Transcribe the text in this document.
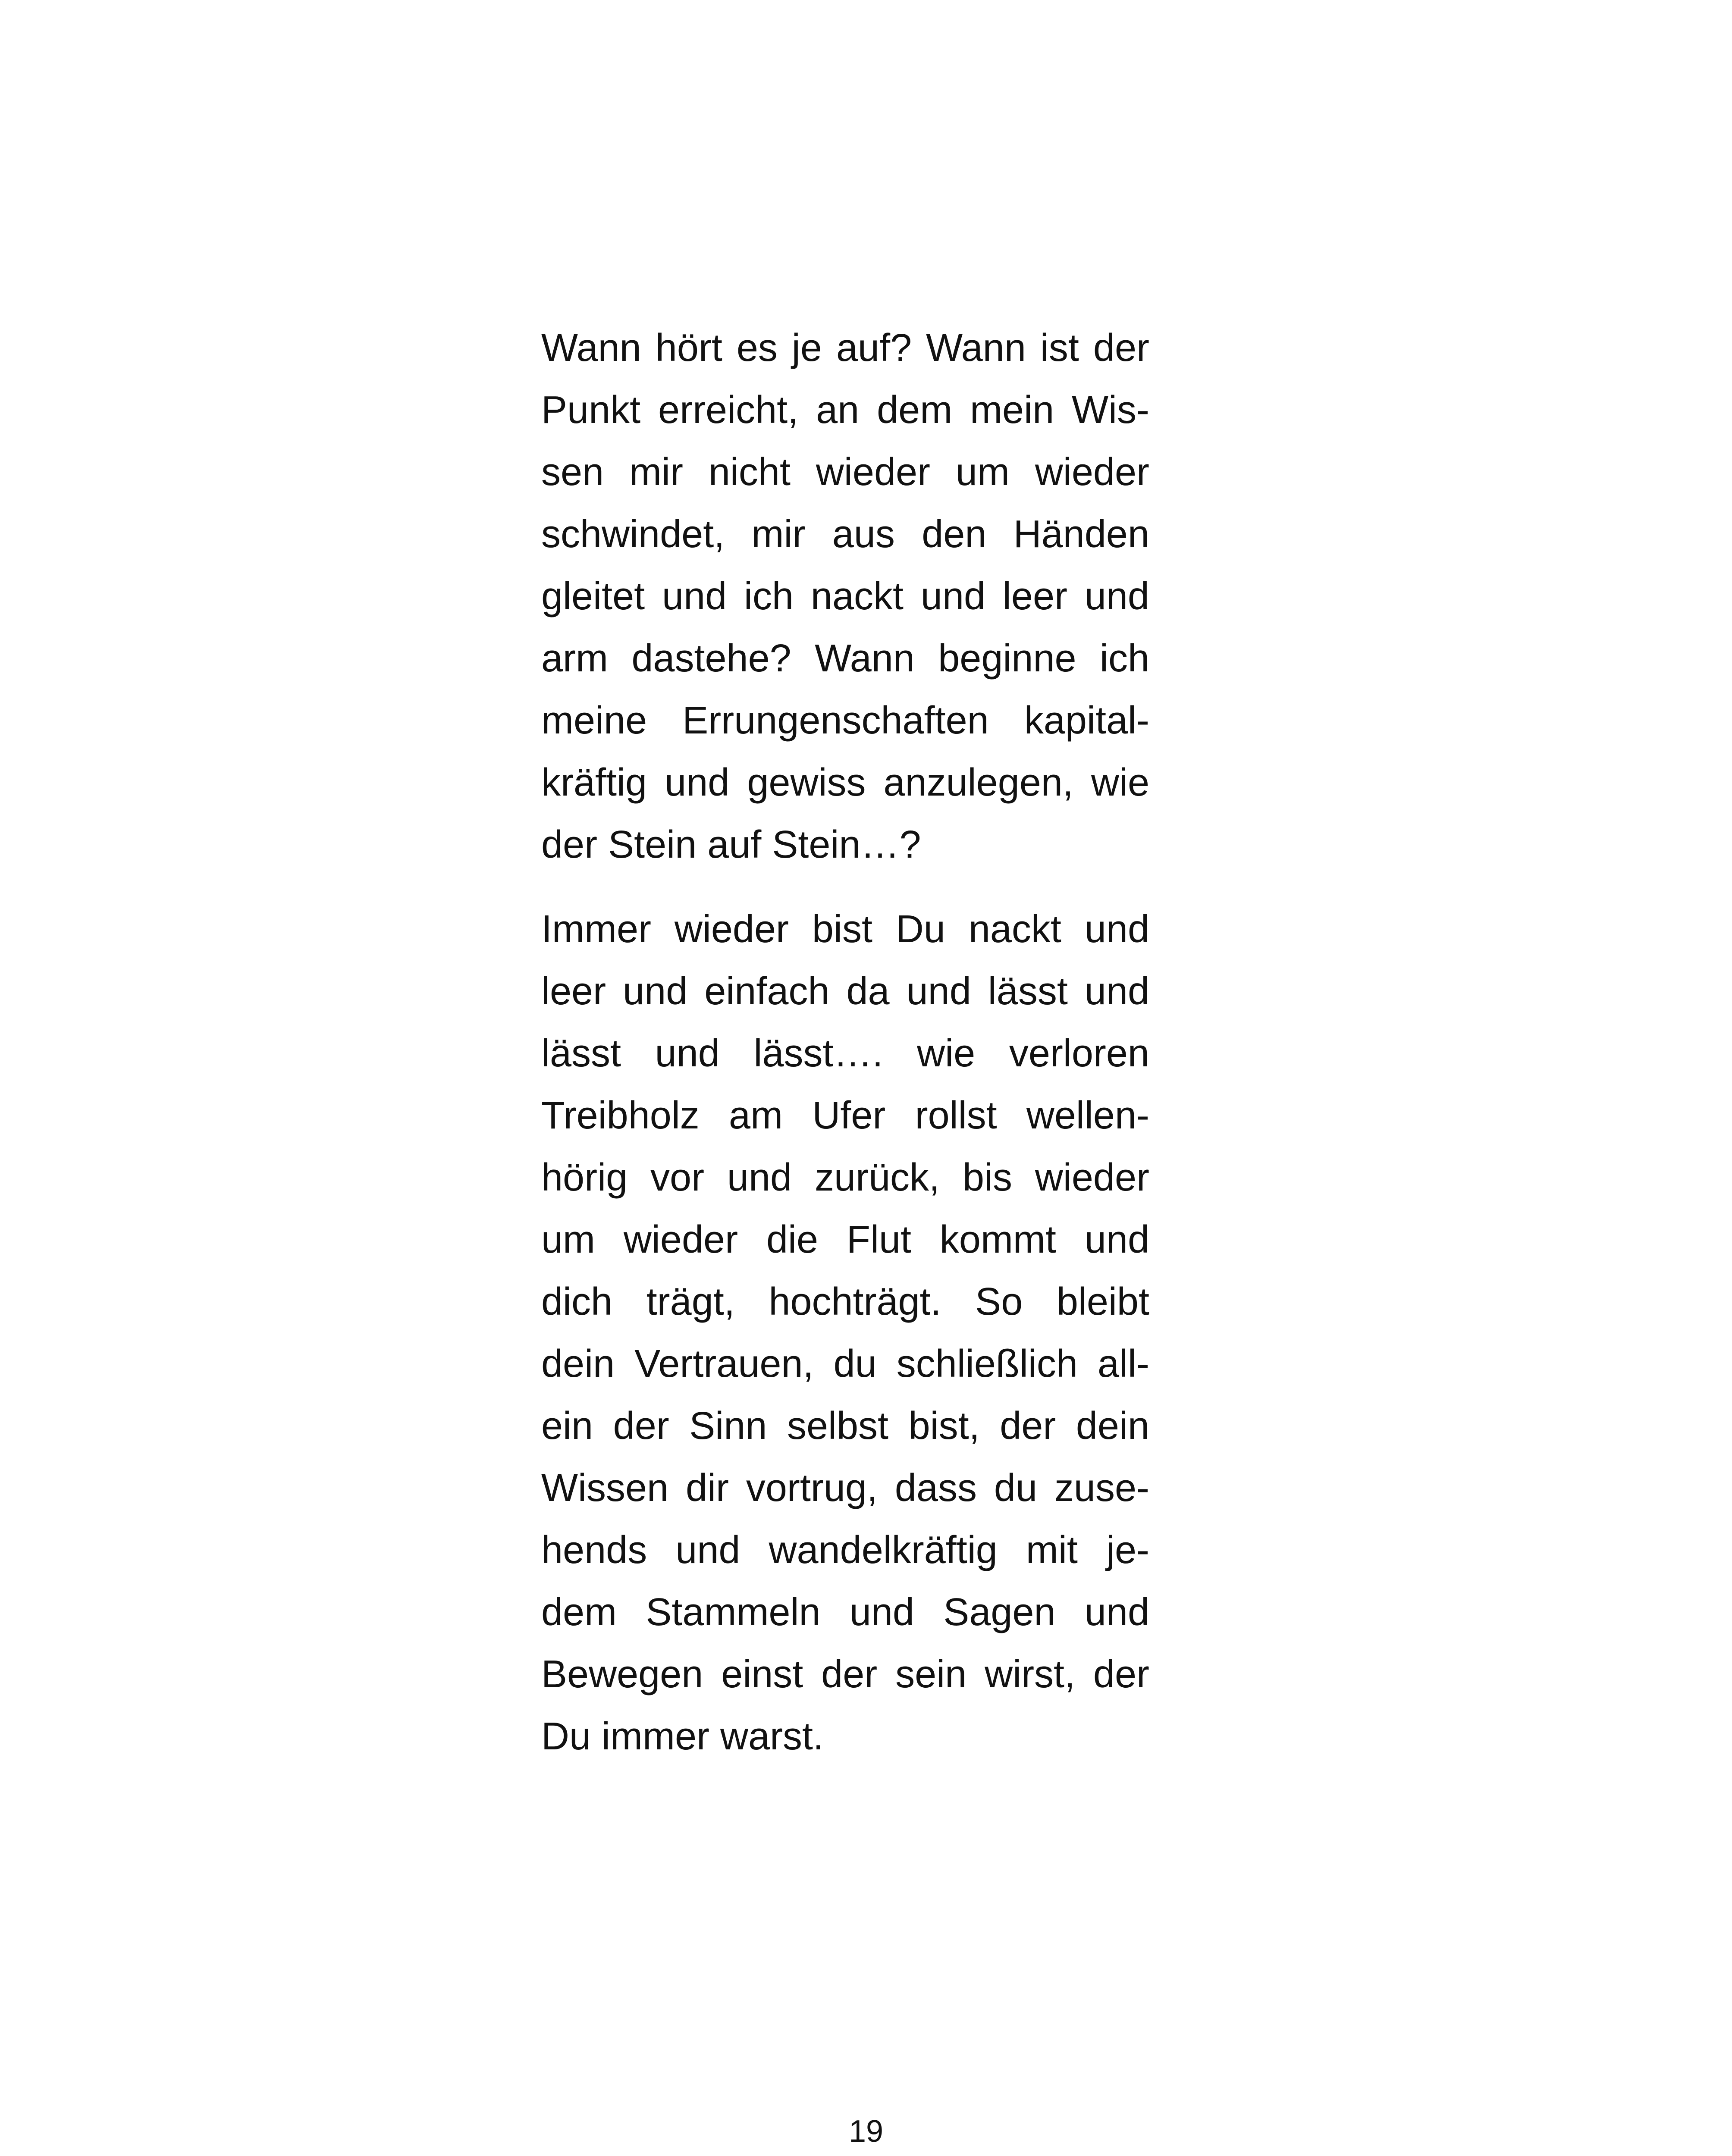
Wann hört es je auf? Wann ist der
Punkt erreicht, an dem mein Wis-
sen mir nicht wieder um wieder
schwindet, mir aus den Händen
gleitet und ich nackt und leer und
arm dastehe? Wann beginne ich
meine Errungenschaften kapital-
kräftig und gewiss anzulegen, wie
der Stein auf Stein…?

Immer wieder bist Du nackt und
leer und einfach da und lässt und
lässt und lässt…. wie verloren
Treibholz am Ufer rollst wellen-
hörig vor und zurück, bis wieder
um wieder die Flut kommt und
dich trägt, hochträgt. So bleibt
dein Vertrauen, du schließlich all-
ein der Sinn selbst bist, der dein
Wissen dir vortrug, dass du zuse-
hends und wandelkräftig mit je-
dem Stammeln und Sagen und
Bewegen einst der sein wirst, der
Du immer warst.

19
